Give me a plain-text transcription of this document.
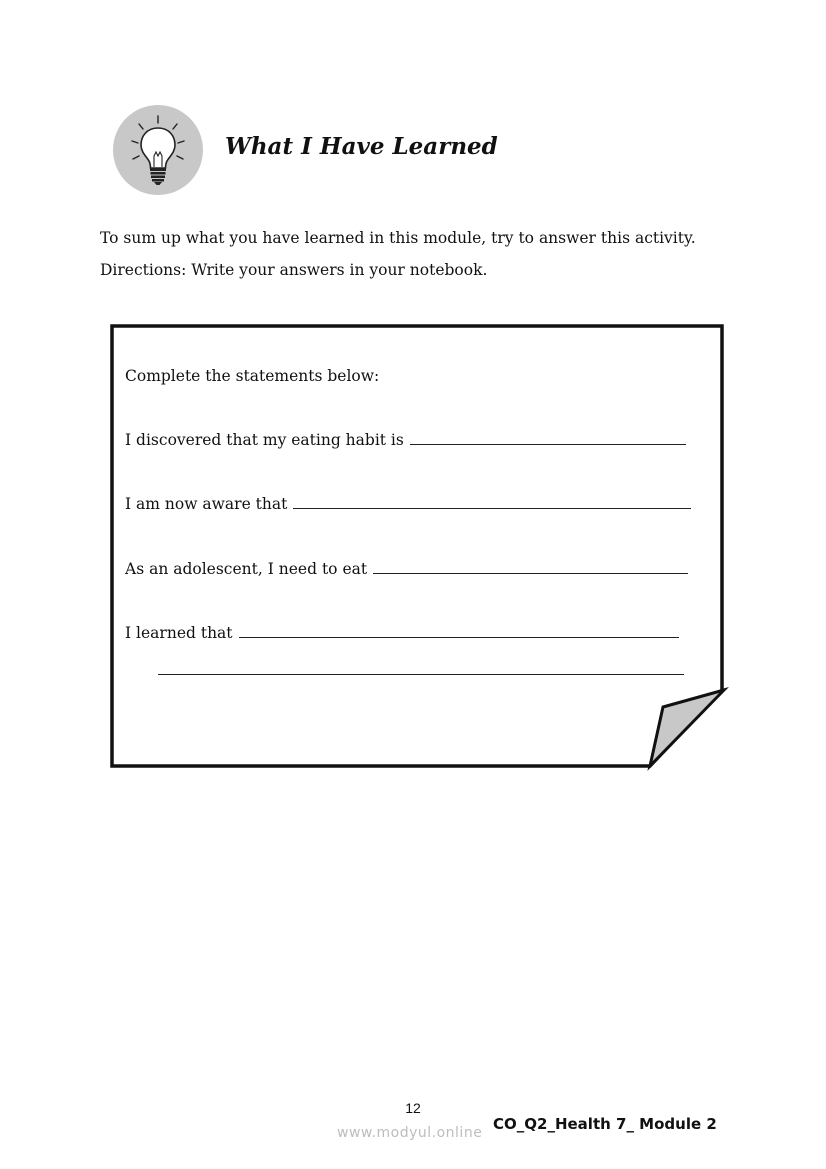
What I Have Learned
To sum up what you have learned in this module, try to answer this activity.
Directions: Write your answers in your notebook.
Complete the statements below:
I discovered that my eating habit is
I am now aware that
As an adolescent, I need to eat
I learned that
12
www.modyul.online CO_Q2_Health 7_ Module 2
